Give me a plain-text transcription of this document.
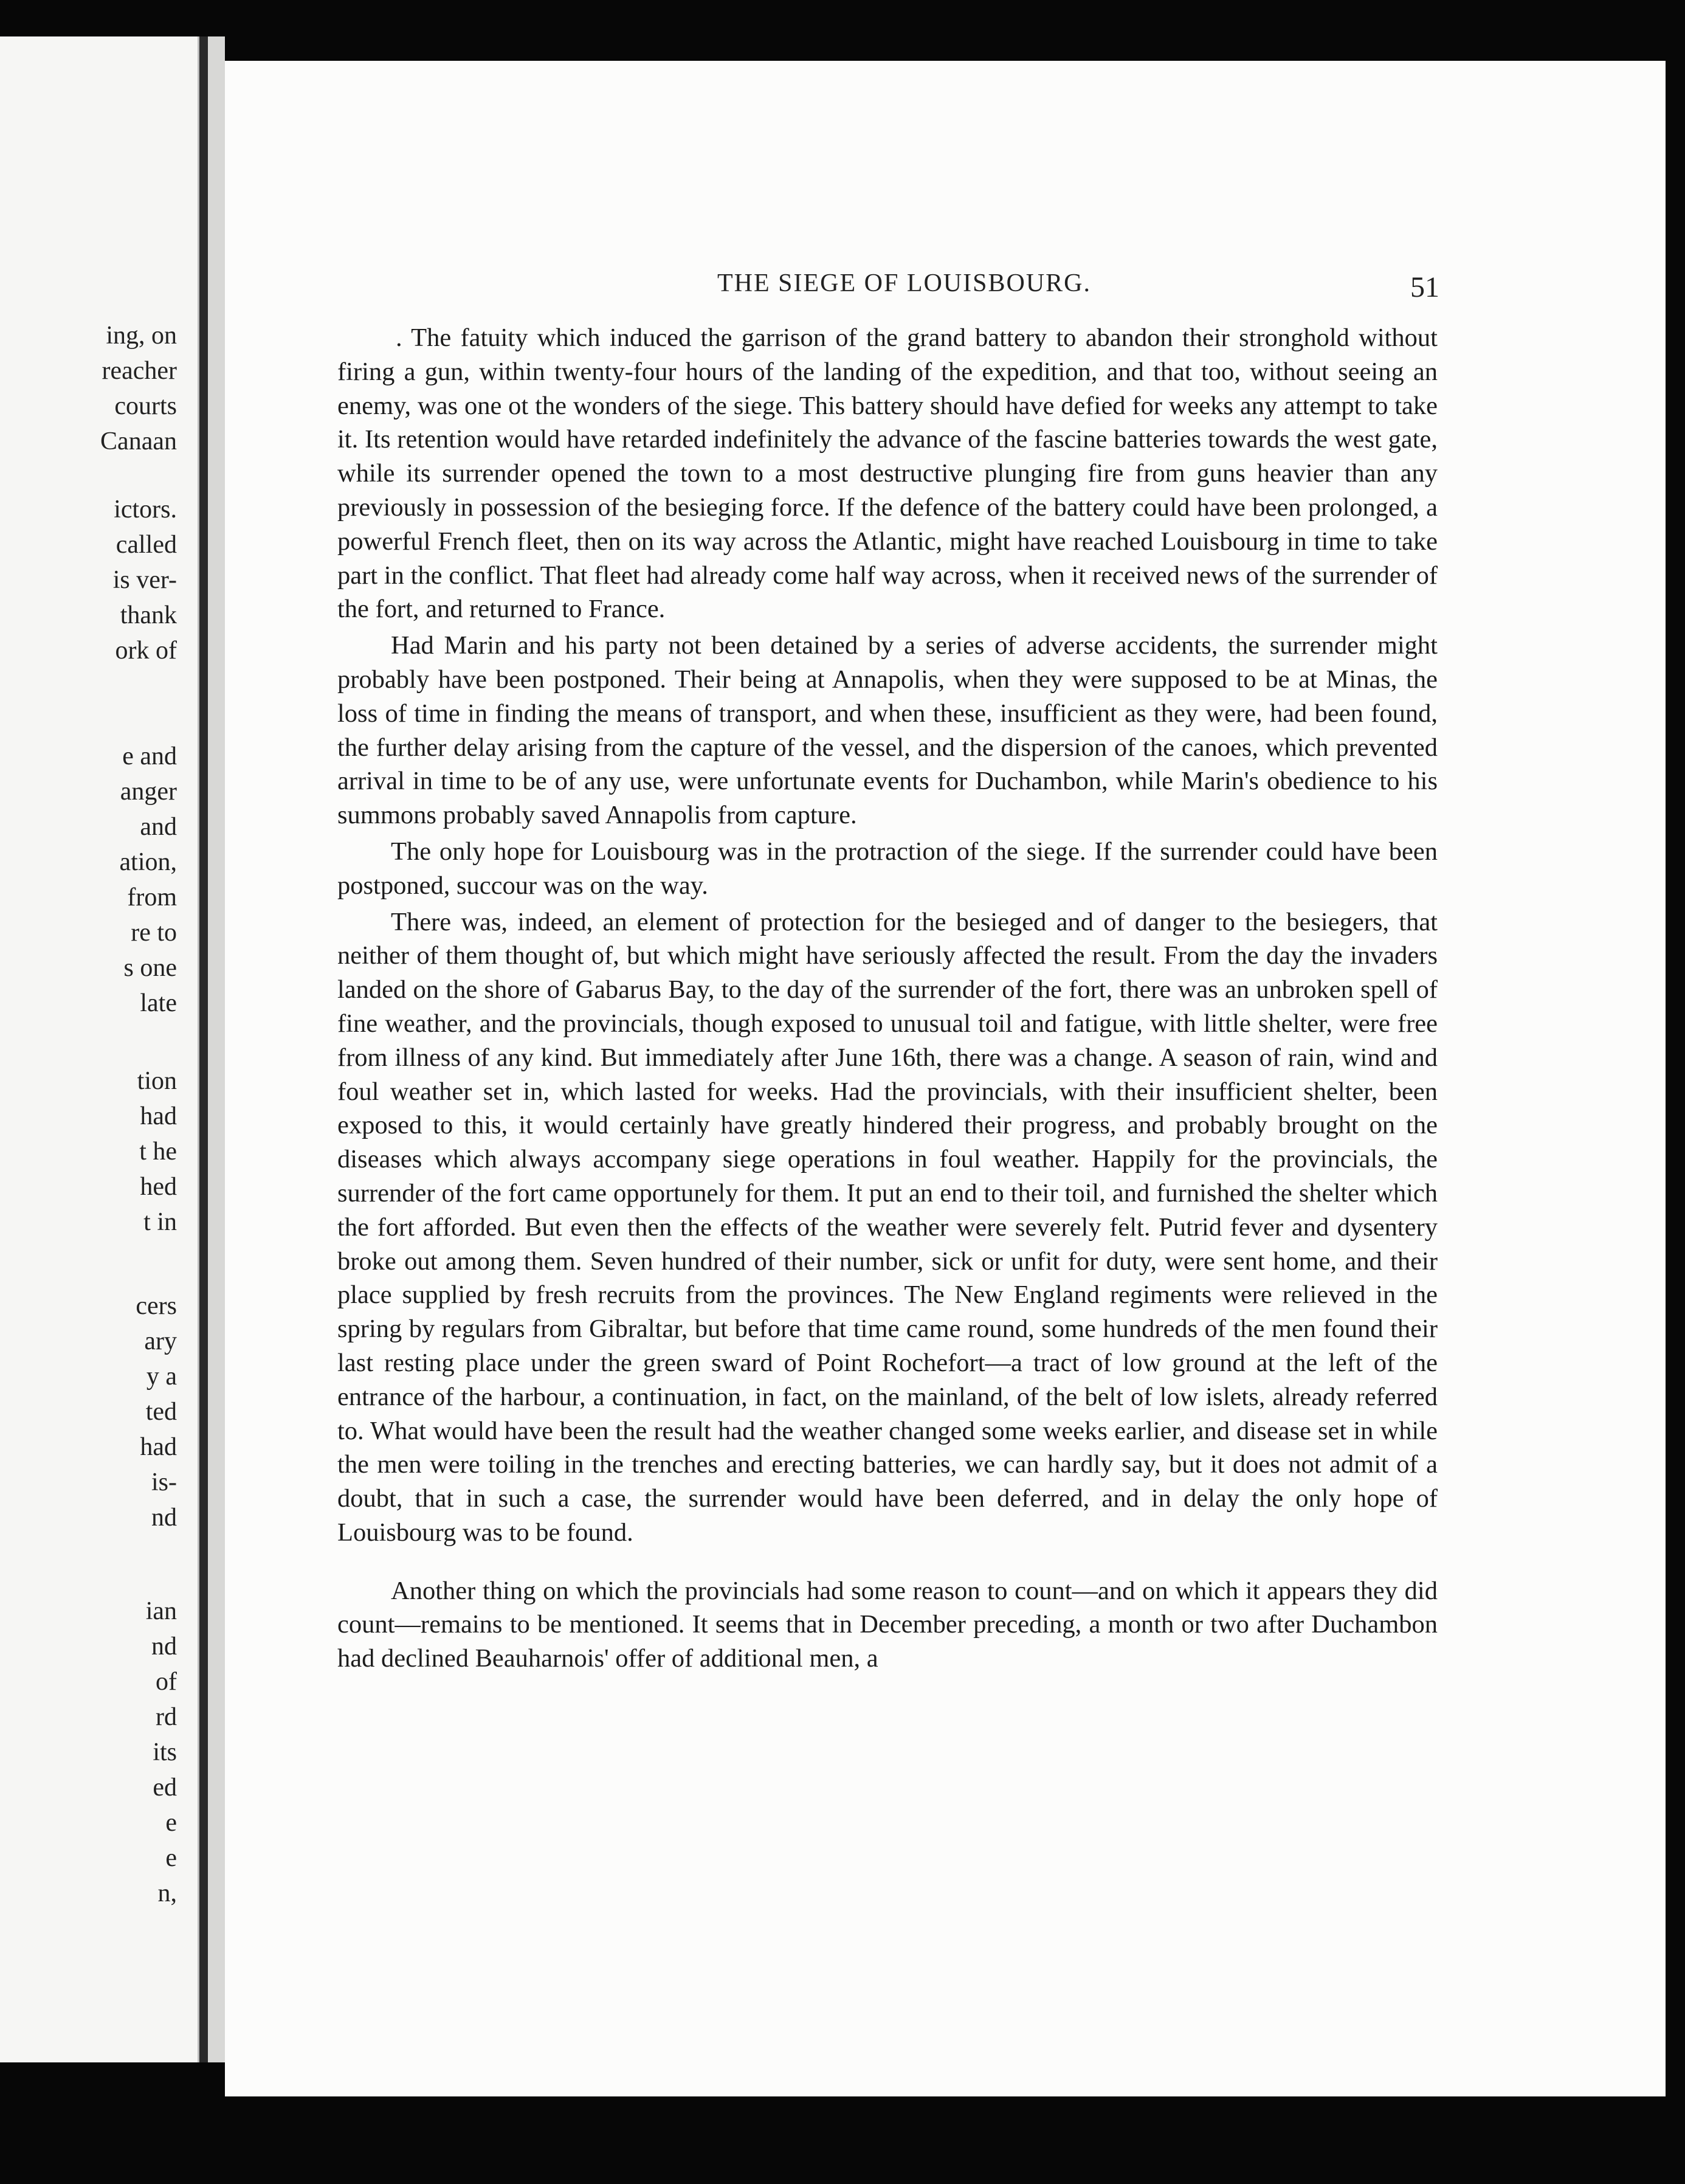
ing, on
reacher
courts
Canaan
ictors.
called
is ver-
thank
ork of
e and
anger
and
ation,
from
re to
s one
late
tion
had
t he
hed
t in
cers
ary
y a
ted
had
is-
nd
ian
nd
of
rd
its
ed
e
e
n,
THE SIEGE OF LOUISBOURG.	51

. The fatuity which induced the garrison of the grand battery to abandon their stronghold without firing a gun, within twenty-four hours of the landing of the expedition, and that too, without seeing an enemy, was one ot the wonders of the siege. This battery should have defied for weeks any attempt to take it. Its retention would have retarded indefinitely the advance of the fascine batteries towards the west gate, while its surrender opened the town to a most destructive plunging fire from guns heavier than any previously in possession of the besieging force. If the defence of the battery could have been prolonged, a powerful French fleet, then on its way across the Atlantic, might have reached Louisbourg in time to take part in the conflict. That fleet had already come half way across, when it received news of the surrender of the fort, and returned to France.

Had Marin and his party not been detained by a series of adverse accidents, the surrender might probably have been postponed. Their being at Annapolis, when they were supposed to be at Minas, the loss of time in finding the means of transport, and when these, insufficient as they were, had been found, the further delay arising from the capture of the vessel, and the dispersion of the canoes, which prevented arrival in time to be of any use, were unfortunate events for Duchambon, while Marin's obedience to his summons probably saved Annapolis from capture.

The only hope for Louisbourg was in the protraction of the siege. If the surrender could have been postponed, succour was on the way.

There was, indeed, an element of protection for the besieged and of danger to the besiegers, that neither of them thought of, but which might have seriously affected the result. From the day the invaders landed on the shore of Gabarus Bay, to the day of the surrender of the fort, there was an unbroken spell of fine weather, and the provincials, though exposed to unusual toil and fatigue, with little shelter, were free from illness of any kind. But immediately after June 16th, there was a change. A season of rain, wind and foul weather set in, which lasted for weeks. Had the provincials, with their insufficient shelter, been exposed to this, it would certainly have greatly hindered their progress, and probably brought on the diseases which always accompany siege operations in foul weather. Happily for the provincials, the surrender of the fort came opportunely for them. It put an end to their toil, and furnished the shelter which the fort afforded. But even then the effects of the weather were severely felt. Putrid fever and dysentery broke out among them. Seven hundred of their number, sick or unfit for duty, were sent home, and their place supplied by fresh recruits from the provinces. The New England regiments were relieved in the spring by regulars from Gibraltar, but before that time came round, some hundreds of the men found their last resting place under the green sward of Point Rochefort—a tract of low ground at the left of the entrance of the harbour, a continuation, in fact, on the mainland, of the belt of low islets, already referred to. What would have been the result had the weather changed some weeks earlier, and disease set in while the men were toiling in the trenches and erecting batteries, we can hardly say, but it does not admit of a doubt, that in such a case, the surrender would have been deferred, and in delay the only hope of Louisbourg was to be found.

Another thing on which the provincials had some reason to count—and on which it appears they did count—remains to be mentioned. It seems that in December preceding, a month or two after Duchambon had declined Beauharnois' offer of additional men, a
